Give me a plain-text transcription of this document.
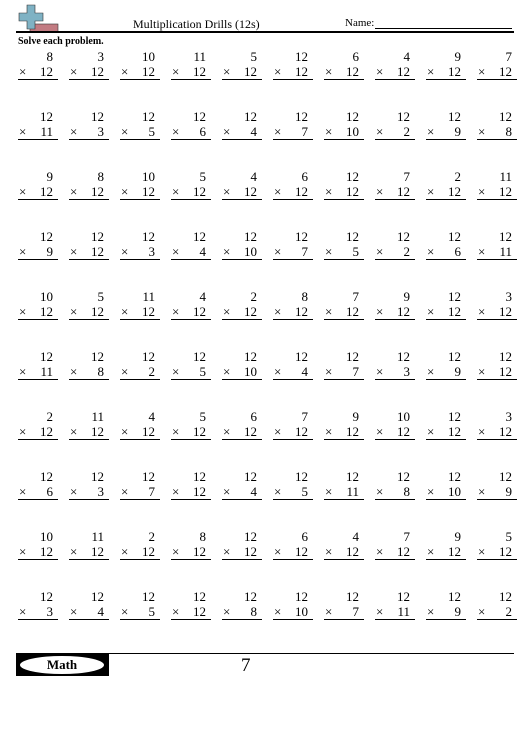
Multiplication Drills (12s)	Name:
Solve each problem.
8
× 12
3
× 12
10
× 12
11
× 12
5
× 12
12
× 12
6
× 12
4
× 12
9
× 12
7
× 12
12
× 11
12
× 3
12
× 5
12
× 6
12
× 4
12
× 7
12
× 10
12
× 2
12
× 9
12
× 8
9
× 12
8
× 12
10
× 12
5
× 12
4
× 12
6
× 12
12
× 12
7
× 12
2
× 12
11
× 12
12
× 9
12
× 12
12
× 3
12
× 4
12
× 10
12
× 7
12
× 5
12
× 2
12
× 6
12
× 11
10
× 12
5
× 12
11
× 12
4
× 12
2
× 12
8
× 12
7
× 12
9
× 12
12
× 12
3
× 12
12
× 11
12
× 8
12
× 2
12
× 5
12
× 10
12
× 4
12
× 7
12
× 3
12
× 9
12
× 12
2
× 12
11
× 12
4
× 12
5
× 12
6
× 12
7
× 12
9
× 12
10
× 12
12
× 12
3
× 12
12
× 6
12
× 3
12
× 7
12
× 12
12
× 4
12
× 5
12
× 11
12
× 8
12
× 10
12
× 9
10
× 12
11
× 12
2
× 12
8
× 12
12
× 12
6
× 12
4
× 12
7
× 12
9
× 12
5
× 12
12
× 3
12
× 4
12
× 5
12
× 12
12
× 8
12
× 10
12
× 7
12
× 11
12
× 9
12
× 2
Math	7
